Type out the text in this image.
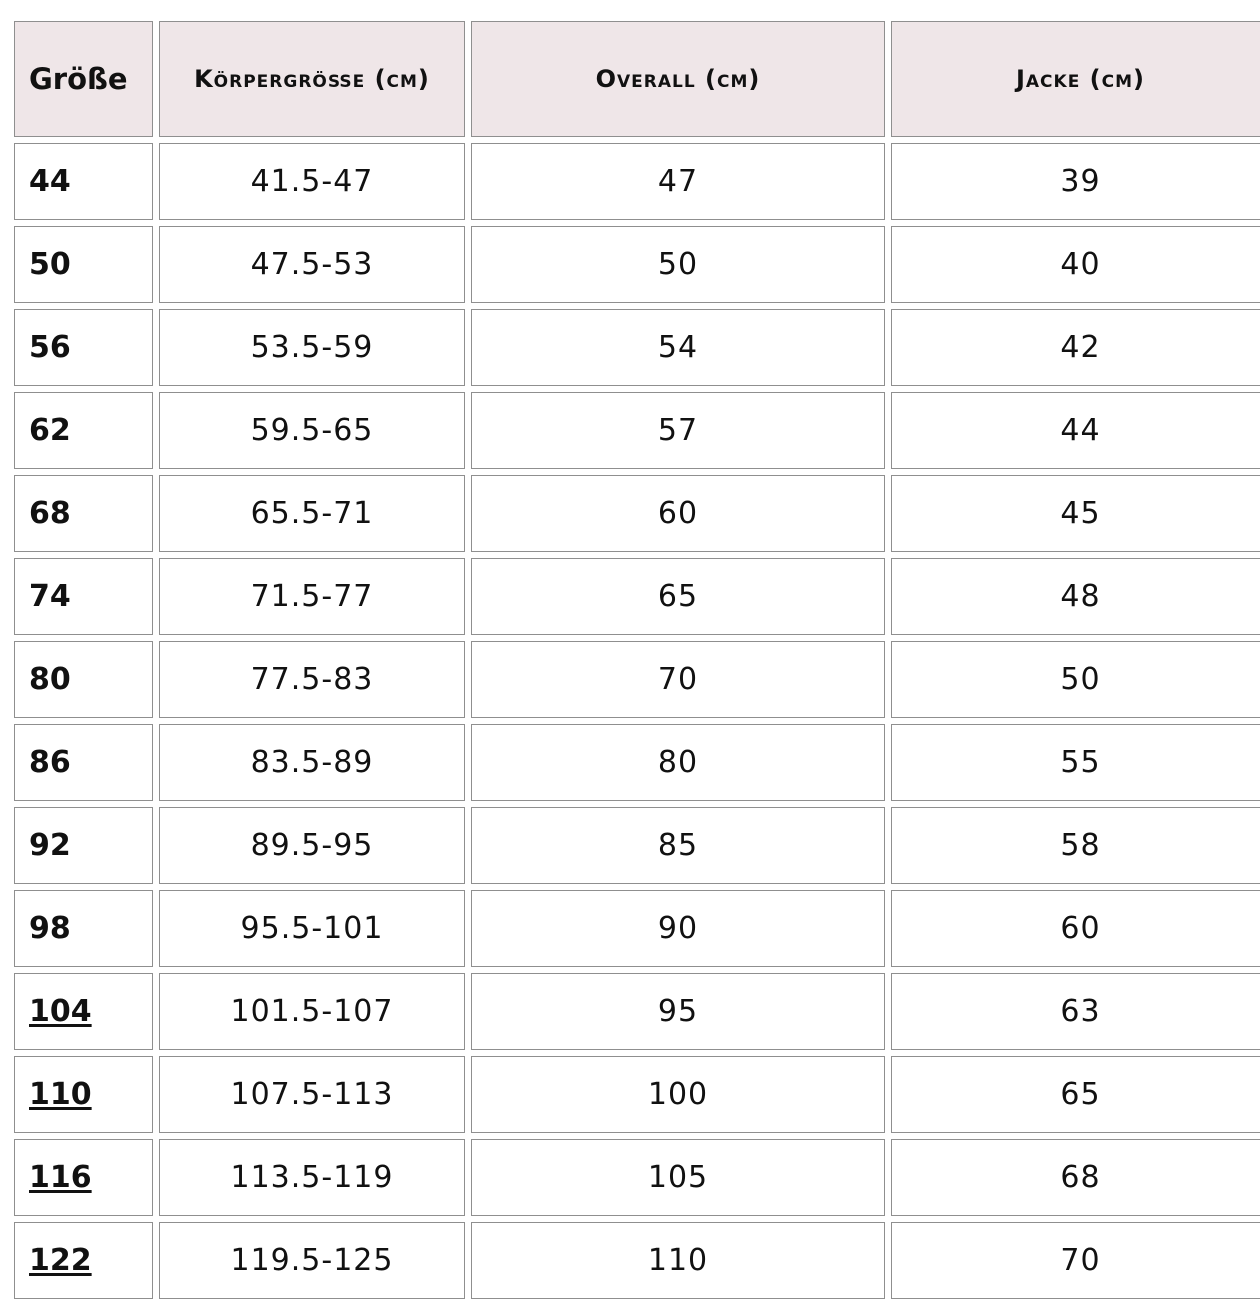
Größe	Körpergröße (cm)	Overall (cm)	Jacke (cm)
44	41.5-47	47	39
50	47.5-53	50	40
56	53.5-59	54	42
62	59.5-65	57	44
68	65.5-71	60	45
74	71.5-77	65	48
80	77.5-83	70	50
86	83.5-89	80	55
92	89.5-95	85	58
98	95.5-101	90	60
104	101.5-107	95	63
110	107.5-113	100	65
116	113.5-119	105	68
122	119.5-125	110	70
